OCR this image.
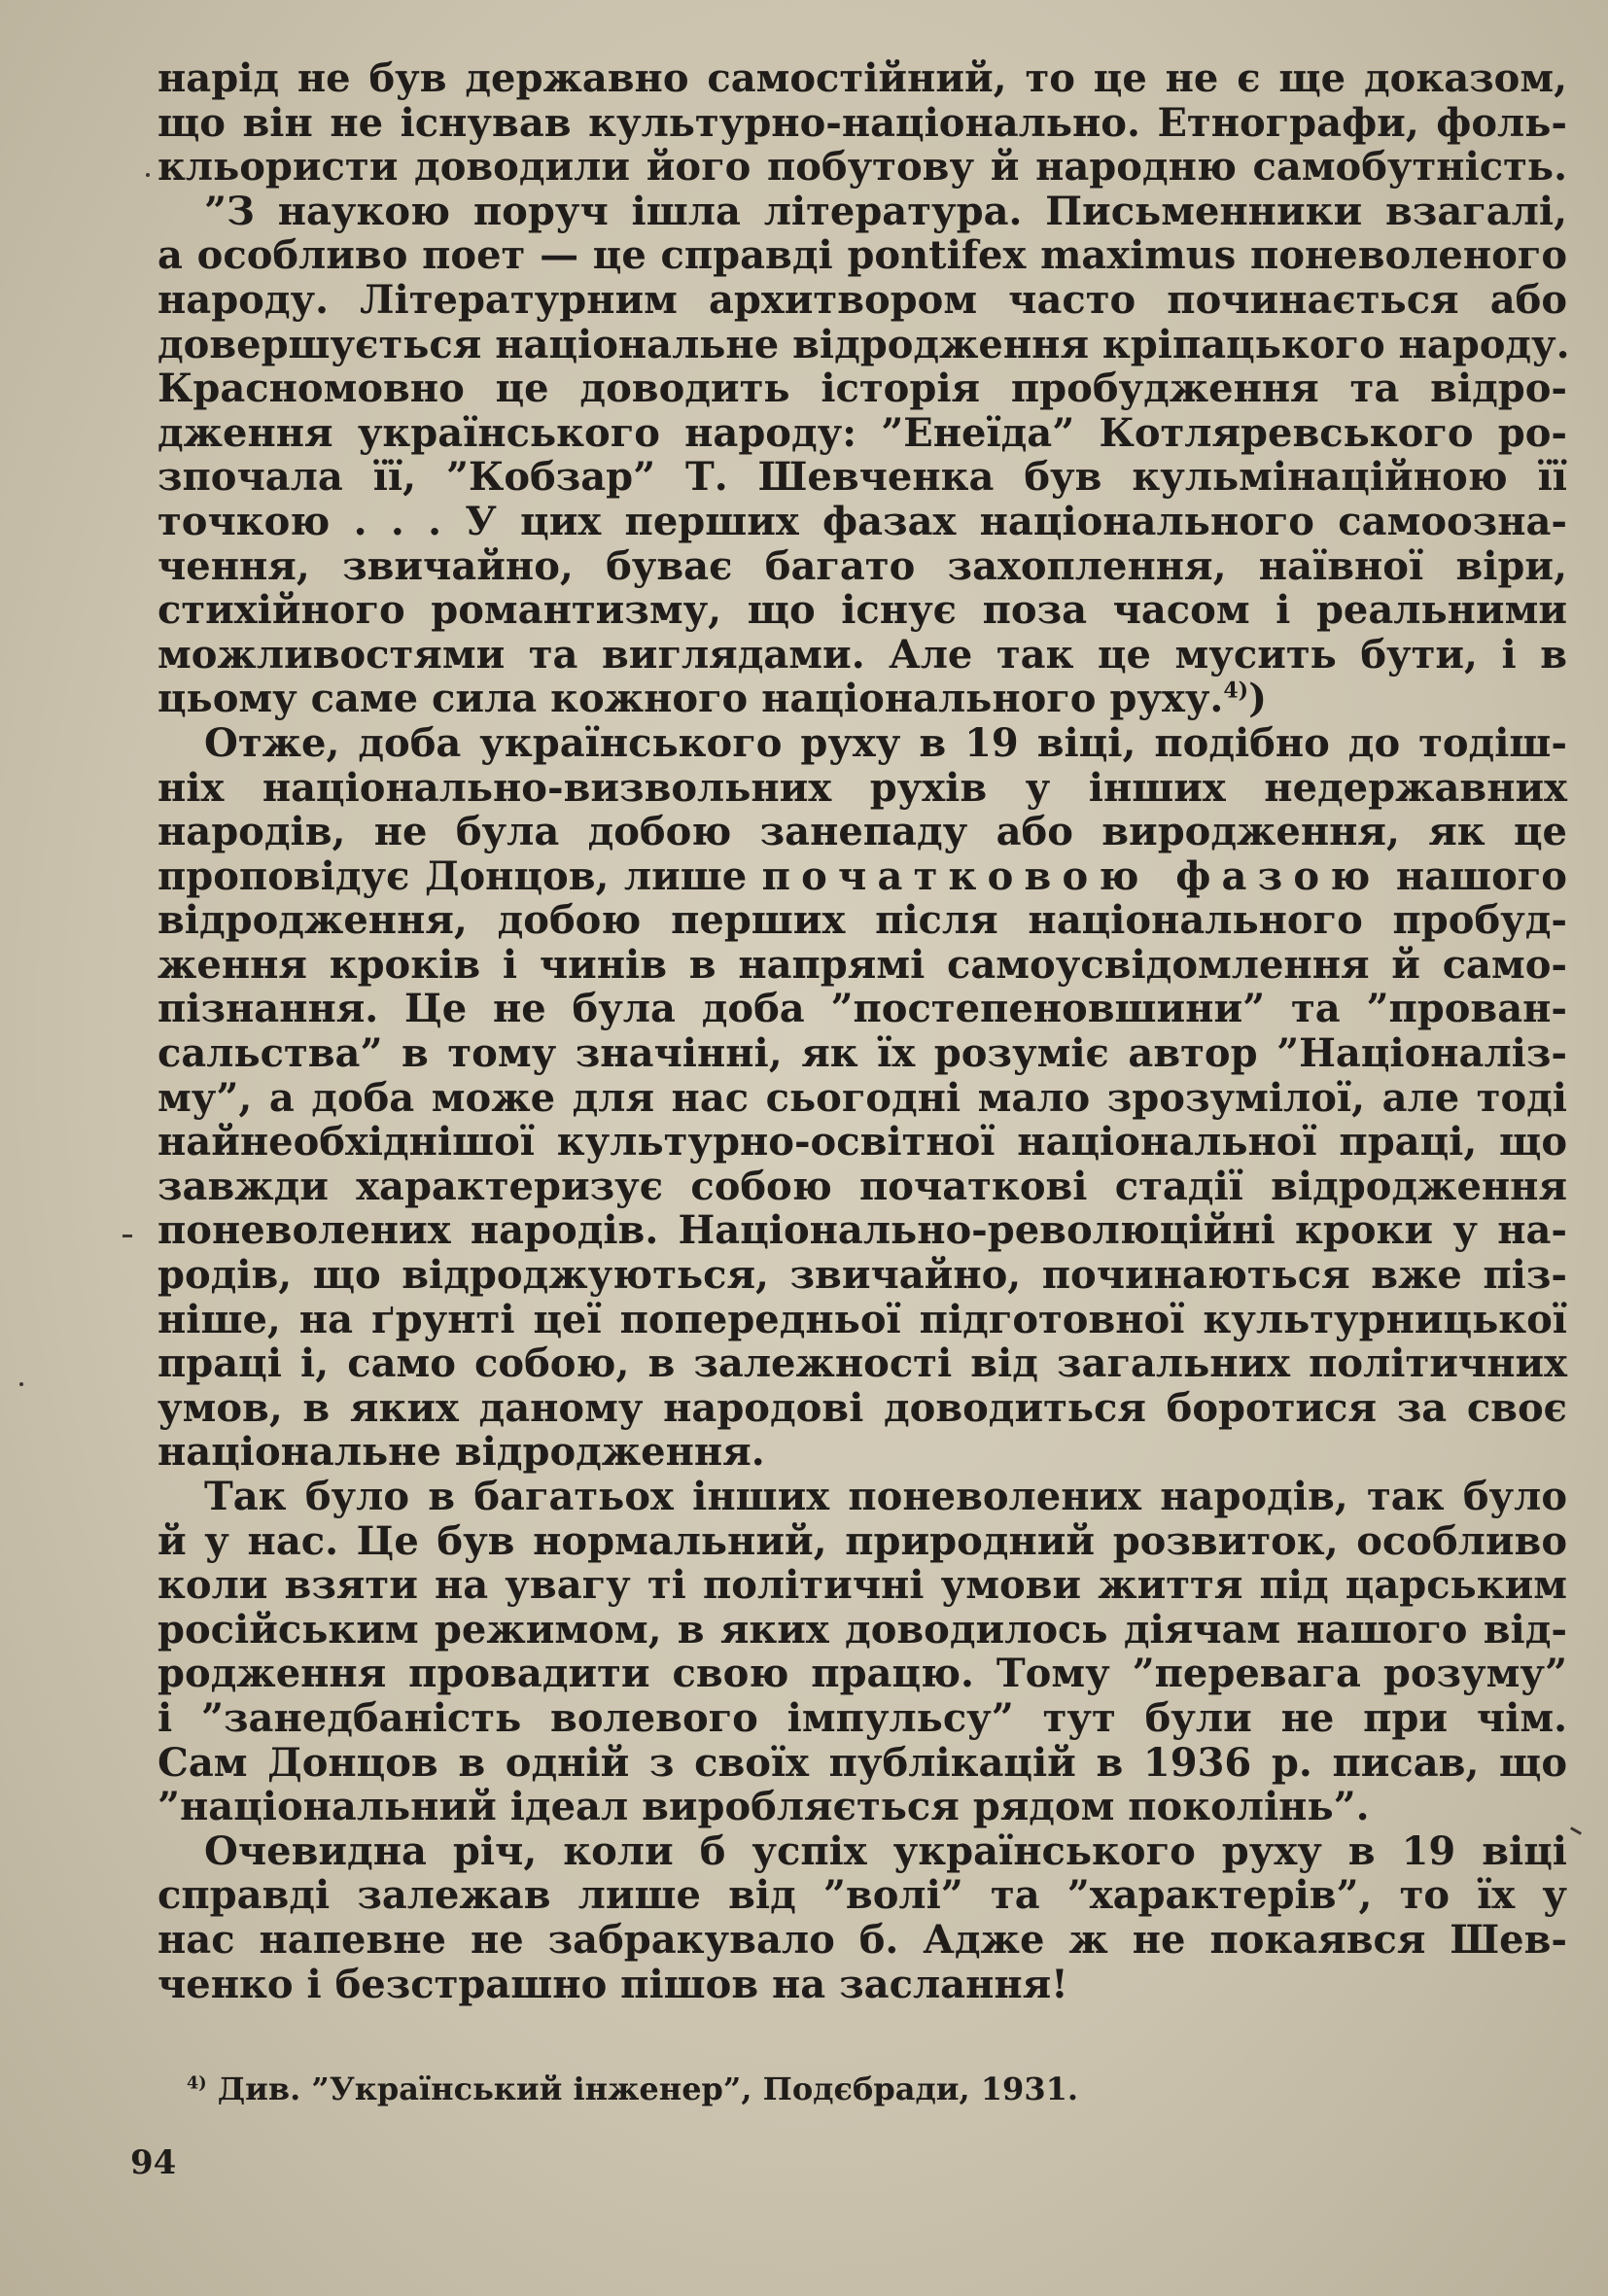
нарід не був державно самостійний, то це не є ще доказом,
що він не існував культурно-національно. Етнографи, фоль-
кльористи доводили його побутову й народню самобутність.
”З наукою поруч ішла література. Письменники взагалі,
а особливо поет — це справді pontifex maximus поневоленого
народу. Літературним архитвором часто починається або
довершується національне відродження кріпацького народу.
Красномовно це доводить історія пробудження та відро-
дження українського народу: ”Енеїда” Котляревського ро-
зпочала її, ”Кобзар” Т. Шевченка був кульмінаційною її
точкою . . . У цих перших фазах національного самоозна-
чення, звичайно, буває багато захоплення, наївної віри,
стихійного романтизму, що існує поза часом і реальними
можливостями та виглядами. Але так це мусить бути, і в
цьому саме сила кожного національного руху.$^{4)}$)
Отже, доба українського руху в 19 віці, подібно до тодіш-
ніх національно-визвольних рухів у інших недержавних
народів, не була добою занепаду або виродження, як це
проповідує Донцов, лише початковою фазою нашого
відродження, добою перших після національного пробуд-
ження кроків і чинів в напрямі самоусвідомлення й само-
пізнання. Це не була доба ”постепеновшини” та ”прован-
сальства” в тому значінні, як їх розуміє автор ”Націоналіз-
му”, а доба може для нас сьогодні мало зрозумілої, але тоді
найнеобхіднішої культурно-освітної національної праці, що
завжди характеризує собою початкові стадії відродження
поневолених народів. Національно-революційні кроки у на-
родів, що відроджуються, звичайно, починаються вже піз-
ніше, на ґрунті цеї попередньої підготовної культурницької
праці і, само собою, в залежності від загальних політичних
умов, в яких даному народові доводиться боротися за своє
національне відродження.
Так було в багатьох інших поневолених народів, так було
й у нас. Це був нормальний, природний розвиток, особливо
коли взяти на увагу ті політичні умови життя під царським
російським режимом, в яких доводилось діячам нашого від-
родження провадити свою працю. Тому ”перевага розуму”
і ”занедбаність волевого імпульсу” тут були не при чім.
Сам Донцов в одній з своїх публікацій в 1936 р. писав, що
”національний ідеал виробляється рядом поколінь”.
Очевидна річ, коли б успіх українського руху в 19 віці
справді залежав лише від ”волі” та ”характерів”, то їх у
нас напевне не забракувало б. Адже ж не покаявся Шев-
ченко і безстрашно пішов на заслання!
$^{4)}$ Див. ”Український інженер”, Подєбради, 1931.
94
